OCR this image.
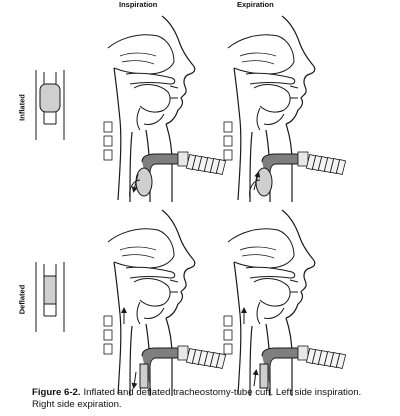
Inspiration	Expiration
Inflated
Deflated
Figure 6-2. Inflated and deflated tracheostomy-tube cuff. Left side inspiration. Right side expiration.
